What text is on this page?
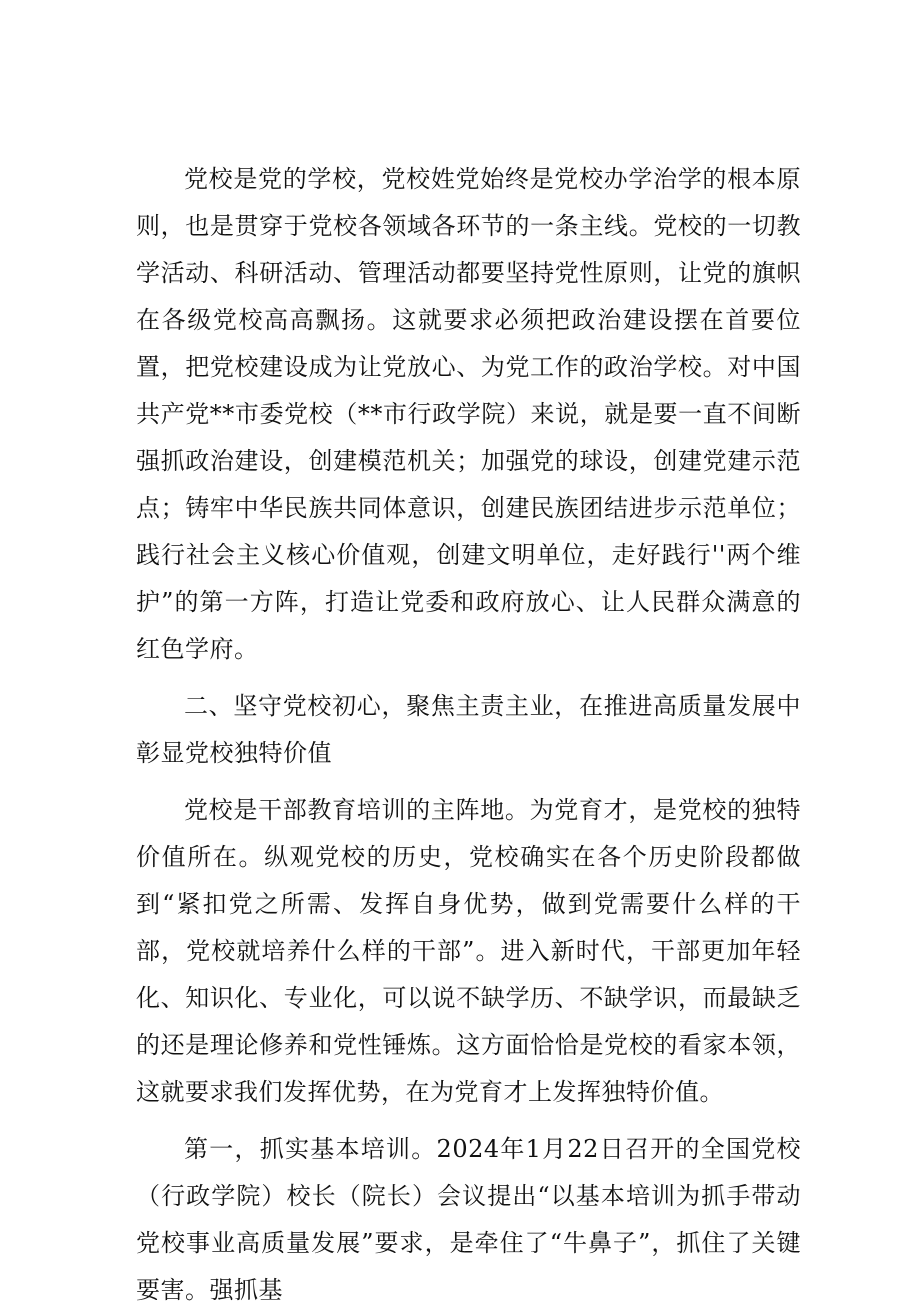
党校是党的学校，党校姓党始终是党校办学治学的根本原则，也是贯穿于党校各领域各环节的一条主线。党校的一切教学活动、科研活动、管理活动都要坚持党性原则，让党的旗帜在各级党校高高飘扬。这就要求必须把政治建设摆在首要位置，把党校建设成为让党放心、为党工作的政治学校。对中国共产党**市委党校（**市行政学院）来说，就是要一直不间断强抓政治建设，创建模范机关；加强党的球设，创建党建示范点；铸牢中华民族共同体意识，创建民族团结进步示范单位；践行社会主义核心价值观，创建文明单位，走好践行''两个维护”的第一方阵，打造让党委和政府放心、让人民群众满意的红色学府。

二、坚守党校初心，聚焦主责主业，在推进高质量发展中彰显党校独特价值

党校是干部教育培训的主阵地。为党育才，是党校的独特价值所在。纵观党校的历史，党校确实在各个历史阶段都做到“紧扣党之所需、发挥自身优势，做到党需要什么样的干部，党校就培养什么样的干部”。进入新时代，干部更加年轻化、知识化、专业化，可以说不缺学历、不缺学识，而最缺乏的还是理论修养和党性锤炼。这方面恰恰是党校的看家本领，这就要求我们发挥优势，在为党育才上发挥独特价值。

第一，抓实基本培训。2024年1月22日召开的全国党校（行政学院）校长（院长）会议提出“以基本培训为抓手带动党校事业高质量发展”要求，是牵住了“牛鼻子”，抓住了关键要害。强抓基
